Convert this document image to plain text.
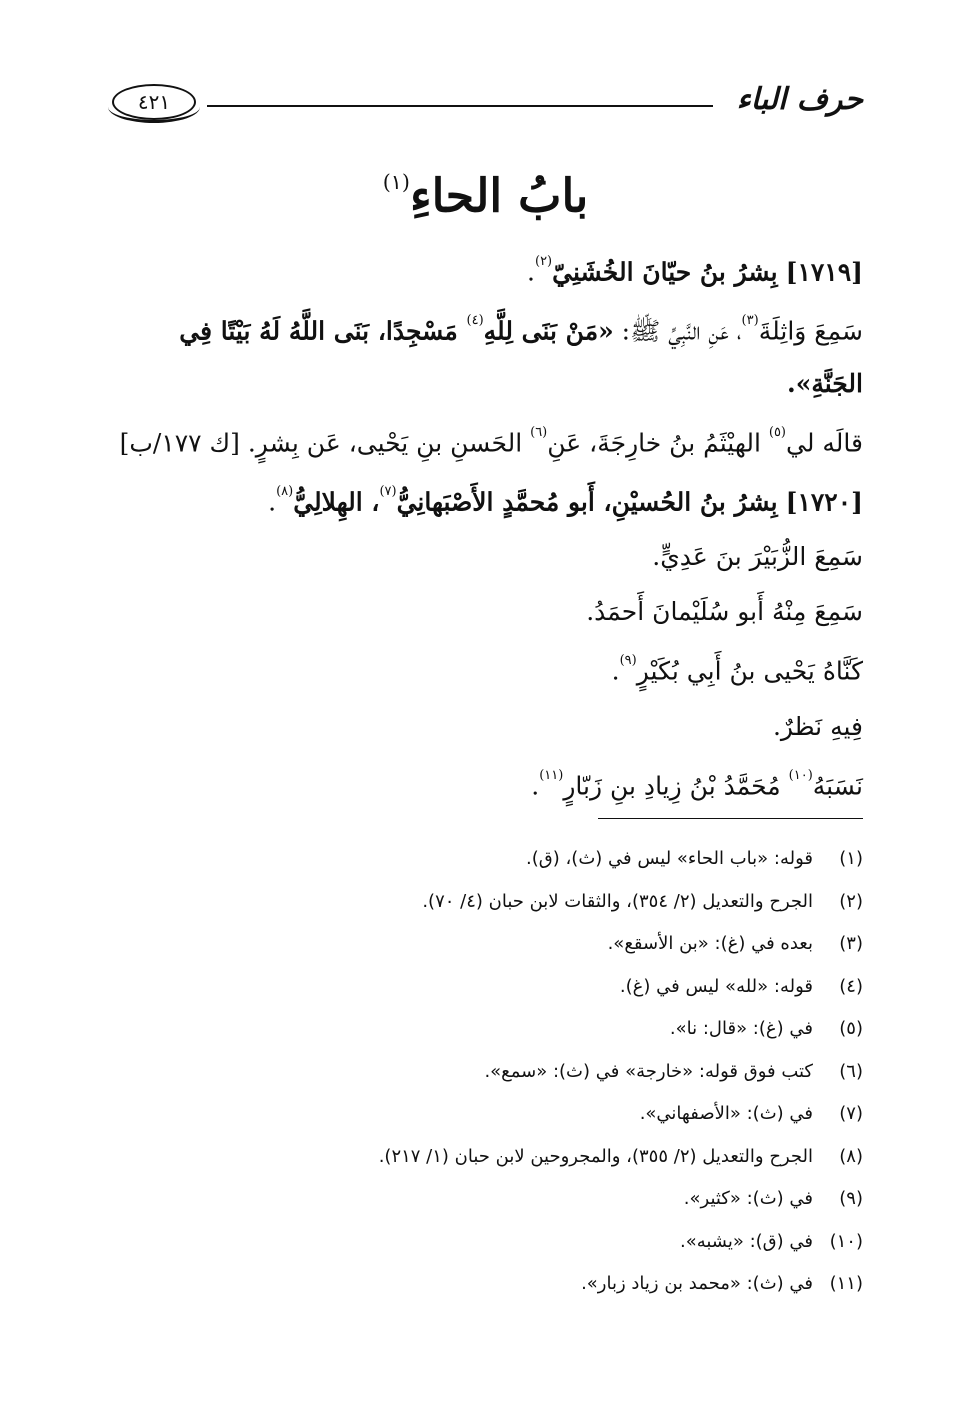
حرف الباء
٤٢١
بابُ الحاءِ$^{(١)}$

[١٧١٩] بِشرُ بنُ حيّانَ الخُشَنِيّ$^{(٢)}$.

سَمِعَ وَاثِلَةَ$^{(٣)}$، عَنِ النَّبِيِّ ﷺ: «مَنْ بَنَى لِلَّهِ$^{(٤)}$ مَسْجِدًا، بَنَى اللَّهُ لَهُ بَيْتًا فِي الجَنَّةِ».

قالَه لي$^{(٥)}$ الهيْثَمُ بنُ خارِجَةَ، عَنِ$^{(٦)}$ الحَسنِ بنِ يَحْيى، عَن بِشرٍ. [ك ١٧٧/ب]

[١٧٢٠] بِشرُ بنُ الحُسيْنِ، أَبو مُحمَّدٍ الأَصْبَهانِيُّ$^{(٧)}$، الهِلالِيُّ$^{(٨)}$.

سَمِعَ الزُّبَيْرَ بنَ عَدِيٍّ.

سَمِعَ مِنْهُ أَبو سُلَيْمانَ أَحمَدُ.

كَنَّاهُ يَحْيى بنُ أَبِي بُكَيْرٍ$^{(٩)}$.

فِيهِ نَظرٌ.

نَسَبَهُ$^{(١٠)}$ مُحَمَّدُ بْنُ زِيادِ بنِ زَبّارٍ$^{(١١)}$.

(١)
قوله: «باب الحاء» ليس في (ث)، (ق).
(٢)
الجرح والتعديل (٢/ ٣٥٤)، والثقات لابن حبان (٤/ ٧٠).
(٣)
بعده في (غ): «بن الأسقع».
(٤)
قوله: «لله» ليس في (غ).
(٥)
في (غ): «قال: نا».
(٦)
كتب فوق قوله: «خارجة» في (ث): «سمع».
(٧)
في (ث): «الأصفهاني».
(٨)
الجرح والتعديل (٢/ ٣٥٥)، والمجروحين لابن حبان (١/ ٢١٧).
(٩)
في (ث): «كثير».
(١٠)
في (ق): «يشبه».
(١١)
في (ث): «محمد بن زياد زبار».
